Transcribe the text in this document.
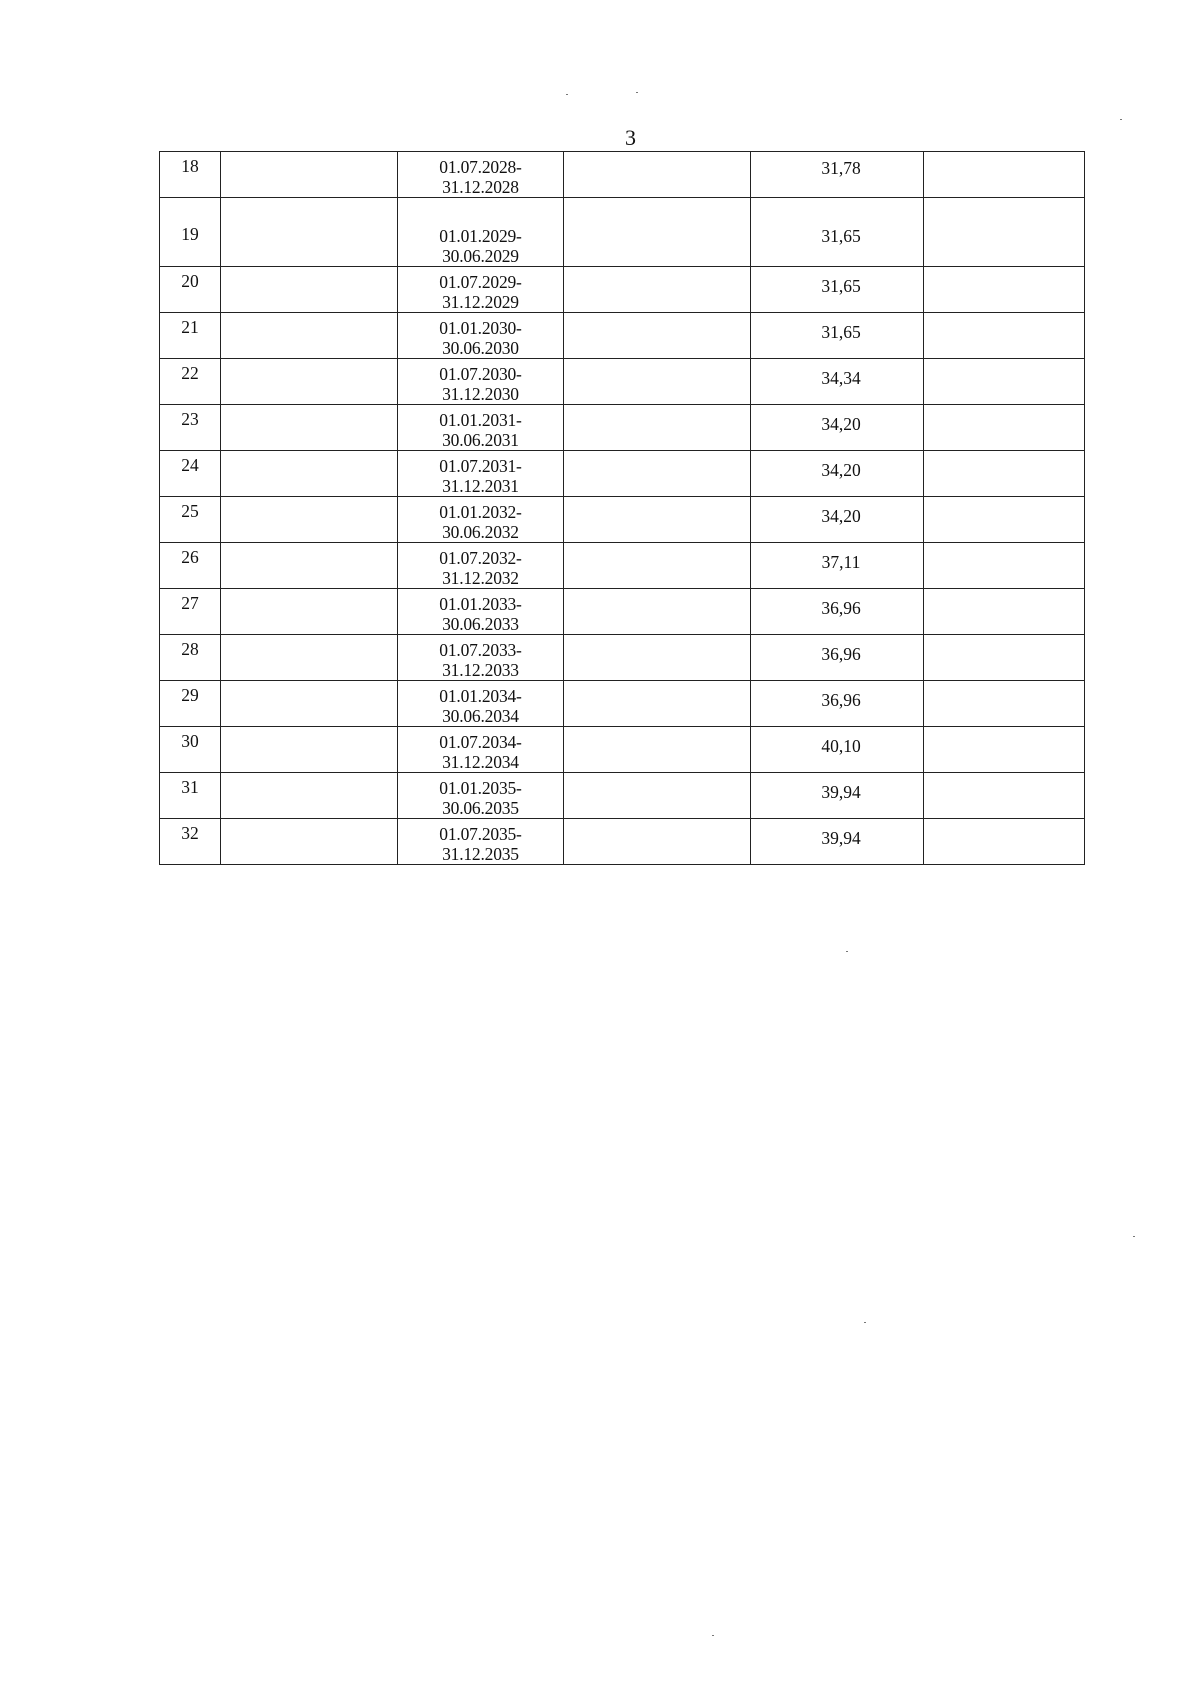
3
18		01.07.2028-
31.12.2028		31,78	

19		01.01.2029-
30.06.2029		31,65	

20		01.07.2029-
31.12.2029		31,65	

21		01.01.2030-
30.06.2030		31,65	

22		01.07.2030-
31.12.2030		34,34	

23		01.01.2031-
30.06.2031		34,20	

24		01.07.2031-
31.12.2031		34,20	

25		01.01.2032-
30.06.2032		34,20	

26		01.07.2032-
31.12.2032		37,11	

27		01.01.2033-
30.06.2033		36,96	

28		01.07.2033-
31.12.2033		36,96	

29		01.01.2034-
30.06.2034		36,96	

30		01.07.2034-
31.12.2034		40,10	

31		01.01.2035-
30.06.2035		39,94	

32		01.07.2035-
31.12.2035		39,94	
